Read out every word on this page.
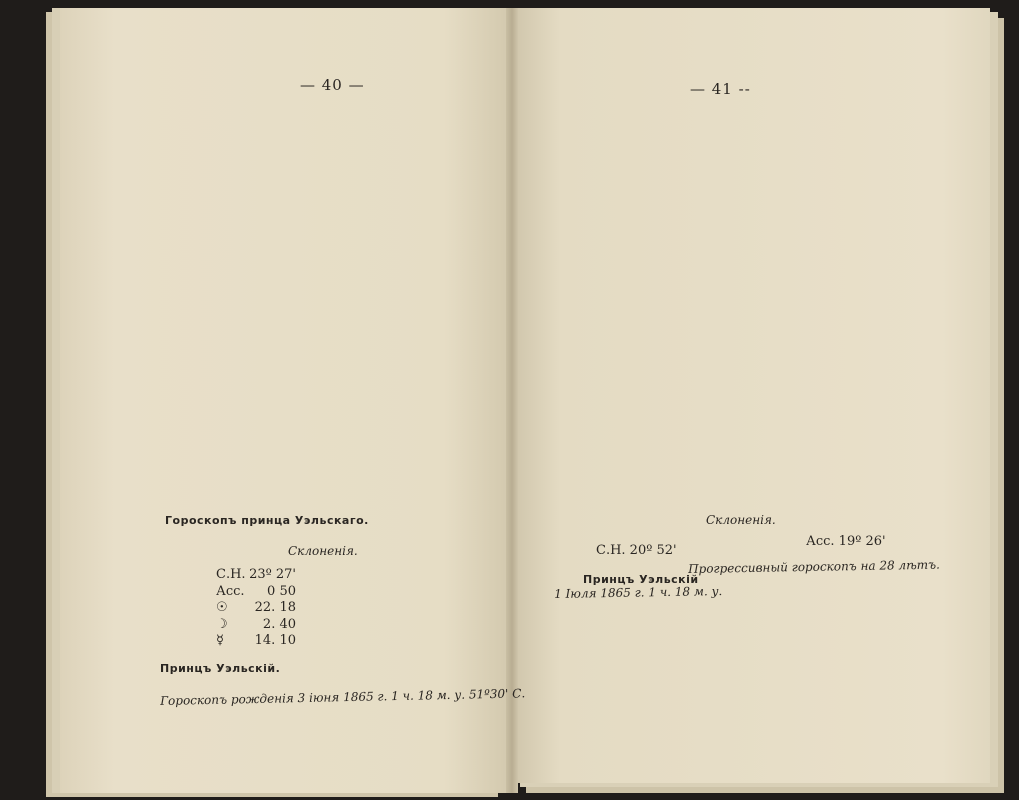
— 40 —	— 41 --
Гороскопъ принца Уэльскаго.
Склоненія.
С.Н. 23º 27'
Асс. 0 50
☉ 22. 18
☽	2. 40
☿ 14. 10
Принцъ Уэльскій.
Гороскопъ рожденія 3 іюня 1865 г. 1 ч. 18 м. у. 51º30' С.
Склоненія.
С.Н. 20º 52'
Асс. 19º 26'
Принцъ Уэльскій
Прогрессивный гороскопъ на 28 лѣтъ.
1 Іюля 1865 г. 1 ч. 18 м. у.
